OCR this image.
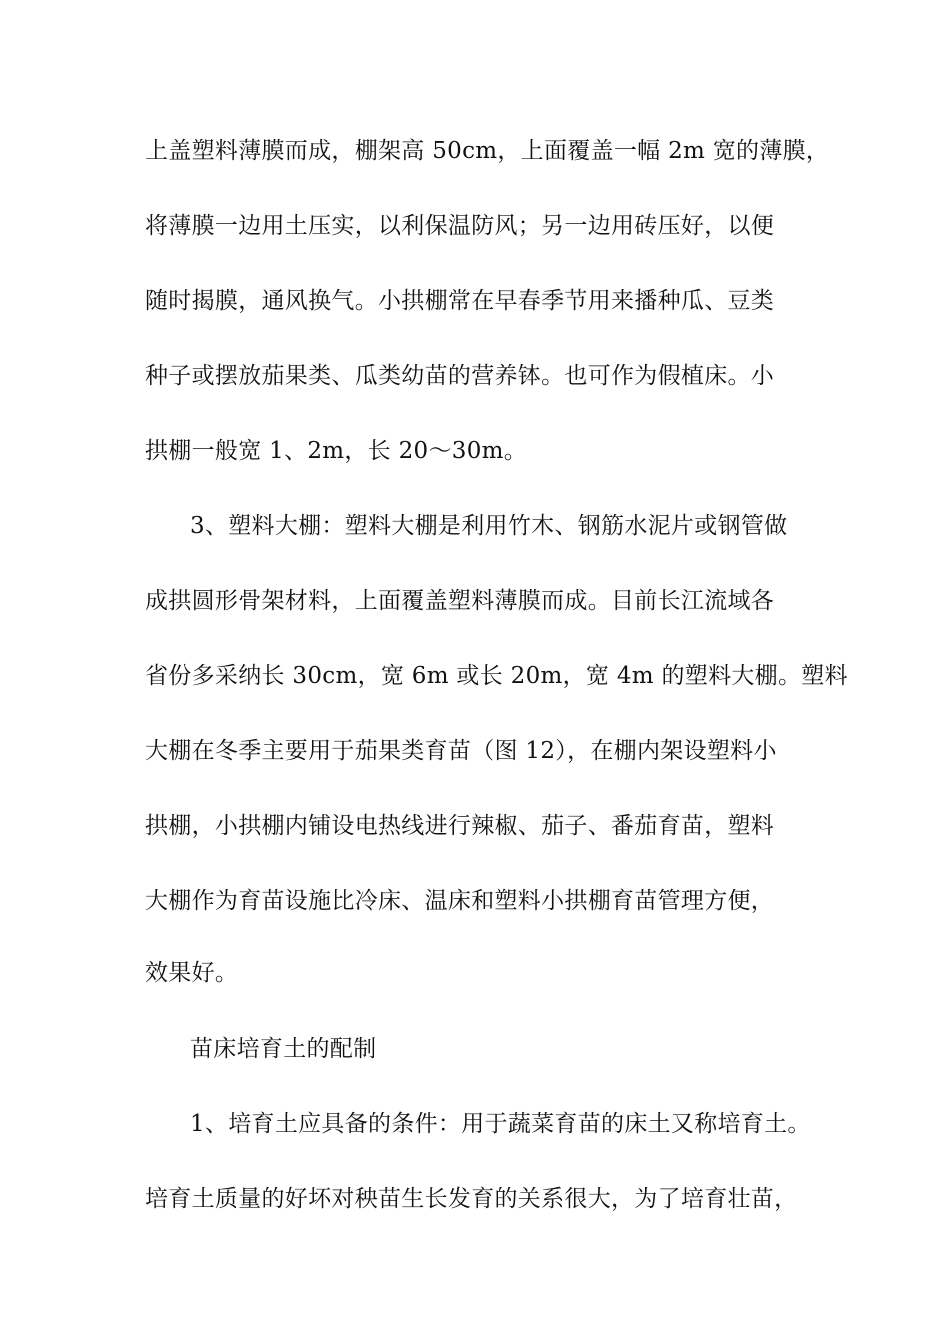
上盖塑料薄膜而成，棚架高 50cm，上面覆盖一幅 2m 宽的薄膜，
将薄膜一边用土压实，以利保温防风；另一边用砖压好，以便
随时揭膜，通风换气。小拱棚常在早春季节用来播种瓜、豆类
种子或摆放茄果类、瓜类幼苗的营养钵。也可作为假植床。小
拱棚一般宽 1、2m，长 20～30m。
3、塑料大棚：塑料大棚是利用竹木、钢筋水泥片或钢管做
成拱圆形骨架材料，上面覆盖塑料薄膜而成。目前长江流域各
省份多采纳长 30cm，宽 6m 或长 20m，宽 4m 的塑料大棚。塑料
大棚在冬季主要用于茄果类育苗（图 12），在棚内架设塑料小
拱棚，小拱棚内铺设电热线进行辣椒、茄子、番茄育苗，塑料
大棚作为育苗设施比冷床、温床和塑料小拱棚育苗管理方便，
效果好。
苗床培育土的配制
1、培育土应具备的条件：用于蔬菜育苗的床土又称培育土。
培育土质量的好坏对秧苗生长发育的关系很大，为了培育壮苗，
